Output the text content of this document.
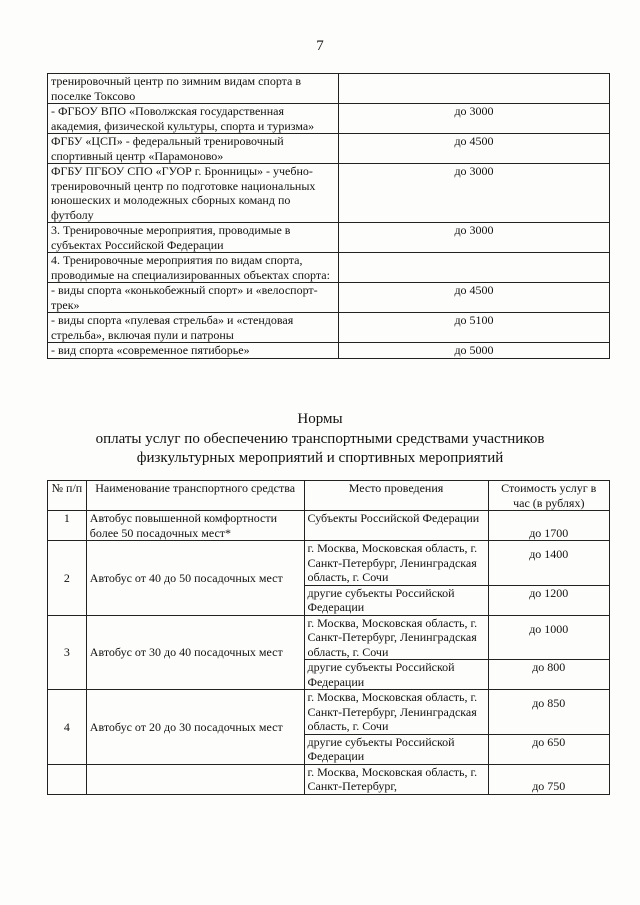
7
тренировочный центр по зимним видам спорта в поселке Токсово	
- ФГБОУ ВПО «Поволжская государственная академия, физической культуры, спорта и туризма»	до 3000
ФГБУ «ЦСП» - федеральный тренировочный спортивный центр «Парамоново»	до 4500
ФГБУ ПГБОУ СПО «ГУОР г. Бронницы» - учебно-тренировочный центр по подготовке национальных юношеских и молодежных сборных команд по футболу	до 3000
3. Тренировочные мероприятия, проводимые в субъектах Российской Федерации	до 3000
4. Тренировочные мероприятия по видам спорта, проводимые на специализированных объектах спорта:	
- виды спорта «конькобежный спорт» и «велоспорт-трек»	до 4500
- виды спорта «пулевая стрельба» и «стендовая стрельба», включая пули и патроны	до 5100
- вид спорта «современное пятиборье»	до 5000
Нормы
оплаты услуг по обеспечению транспортными средствами участников
физкультурных мероприятий и спортивных мероприятий
№ п/п	Наименование транспортного средства	Место проведения	Стоимость услуг в час (в рублях)
1	Автобус повышенной комфортности более 50 посадочных мест*	Субъекты Российской Федерации	до 1700
2	Автобус от 40 до 50 посадочных мест	г. Москва, Московская область, г. Санкт-Петербург, Ленинградская область, г. Сочи	до 1400
		другие субъекты Российской Федерации	до 1200
3	Автобус от 30 до 40 посадочных мест	г. Москва, Московская область, г. Санкт-Петербург, Ленинградская область, г. Сочи	до 1000
		другие субъекты Российской Федерации	до 800
4	Автобус от 20 до 30 посадочных мест	г. Москва, Московская область, г. Санкт-Петербург, Ленинградская область, г. Сочи	до 850
		другие субъекты Российской Федерации	до 650
		г. Москва, Московская область, г. Санкт-Петербург,	до 750
